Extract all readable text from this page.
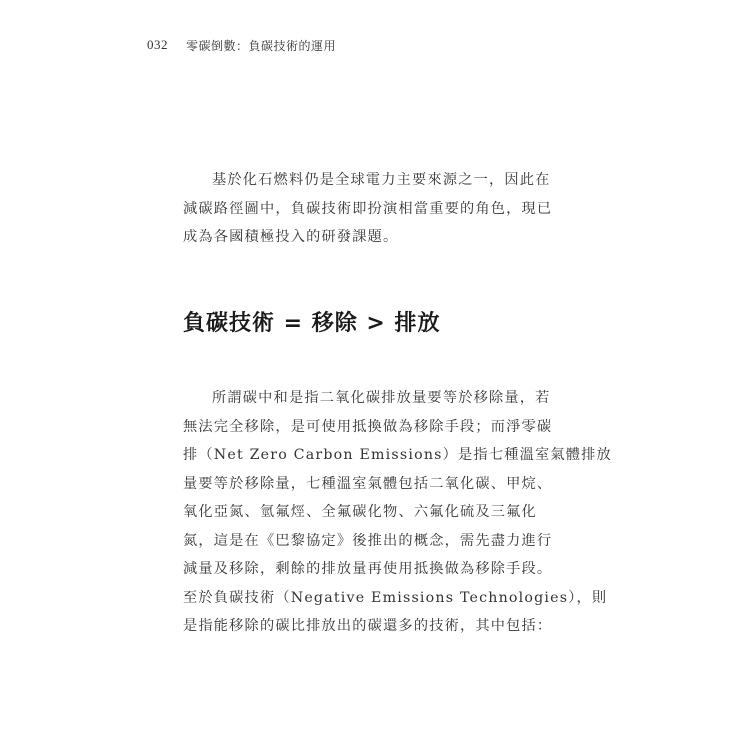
032 零碳倒數：負碳技術的運用

基於化石燃料仍是全球電力主要來源之一，因此在
減碳路徑圖中，負碳技術即扮演相當重要的角色，現已
成為各國積極投入的研發課題。

負碳技術 = 移除 > 排放

所謂碳中和是指二氧化碳排放量要等於移除量，若
無法完全移除，是可使用抵換做為移除手段；而淨零碳
排（Net Zero Carbon Emissions）是指七種溫室氣體排放
量要等於移除量，七種溫室氣體包括二氧化碳、甲烷、
氧化亞氮、氫氟烴、全氟碳化物、六氟化硫及三氟化
氮，這是在《巴黎協定》後推出的概念，需先盡力進行
減量及移除，剩餘的排放量再使用抵換做為移除手段。
至於負碳技術（Negative Emissions Technologies），則
是指能移除的碳比排放出的碳還多的技術，其中包括：
